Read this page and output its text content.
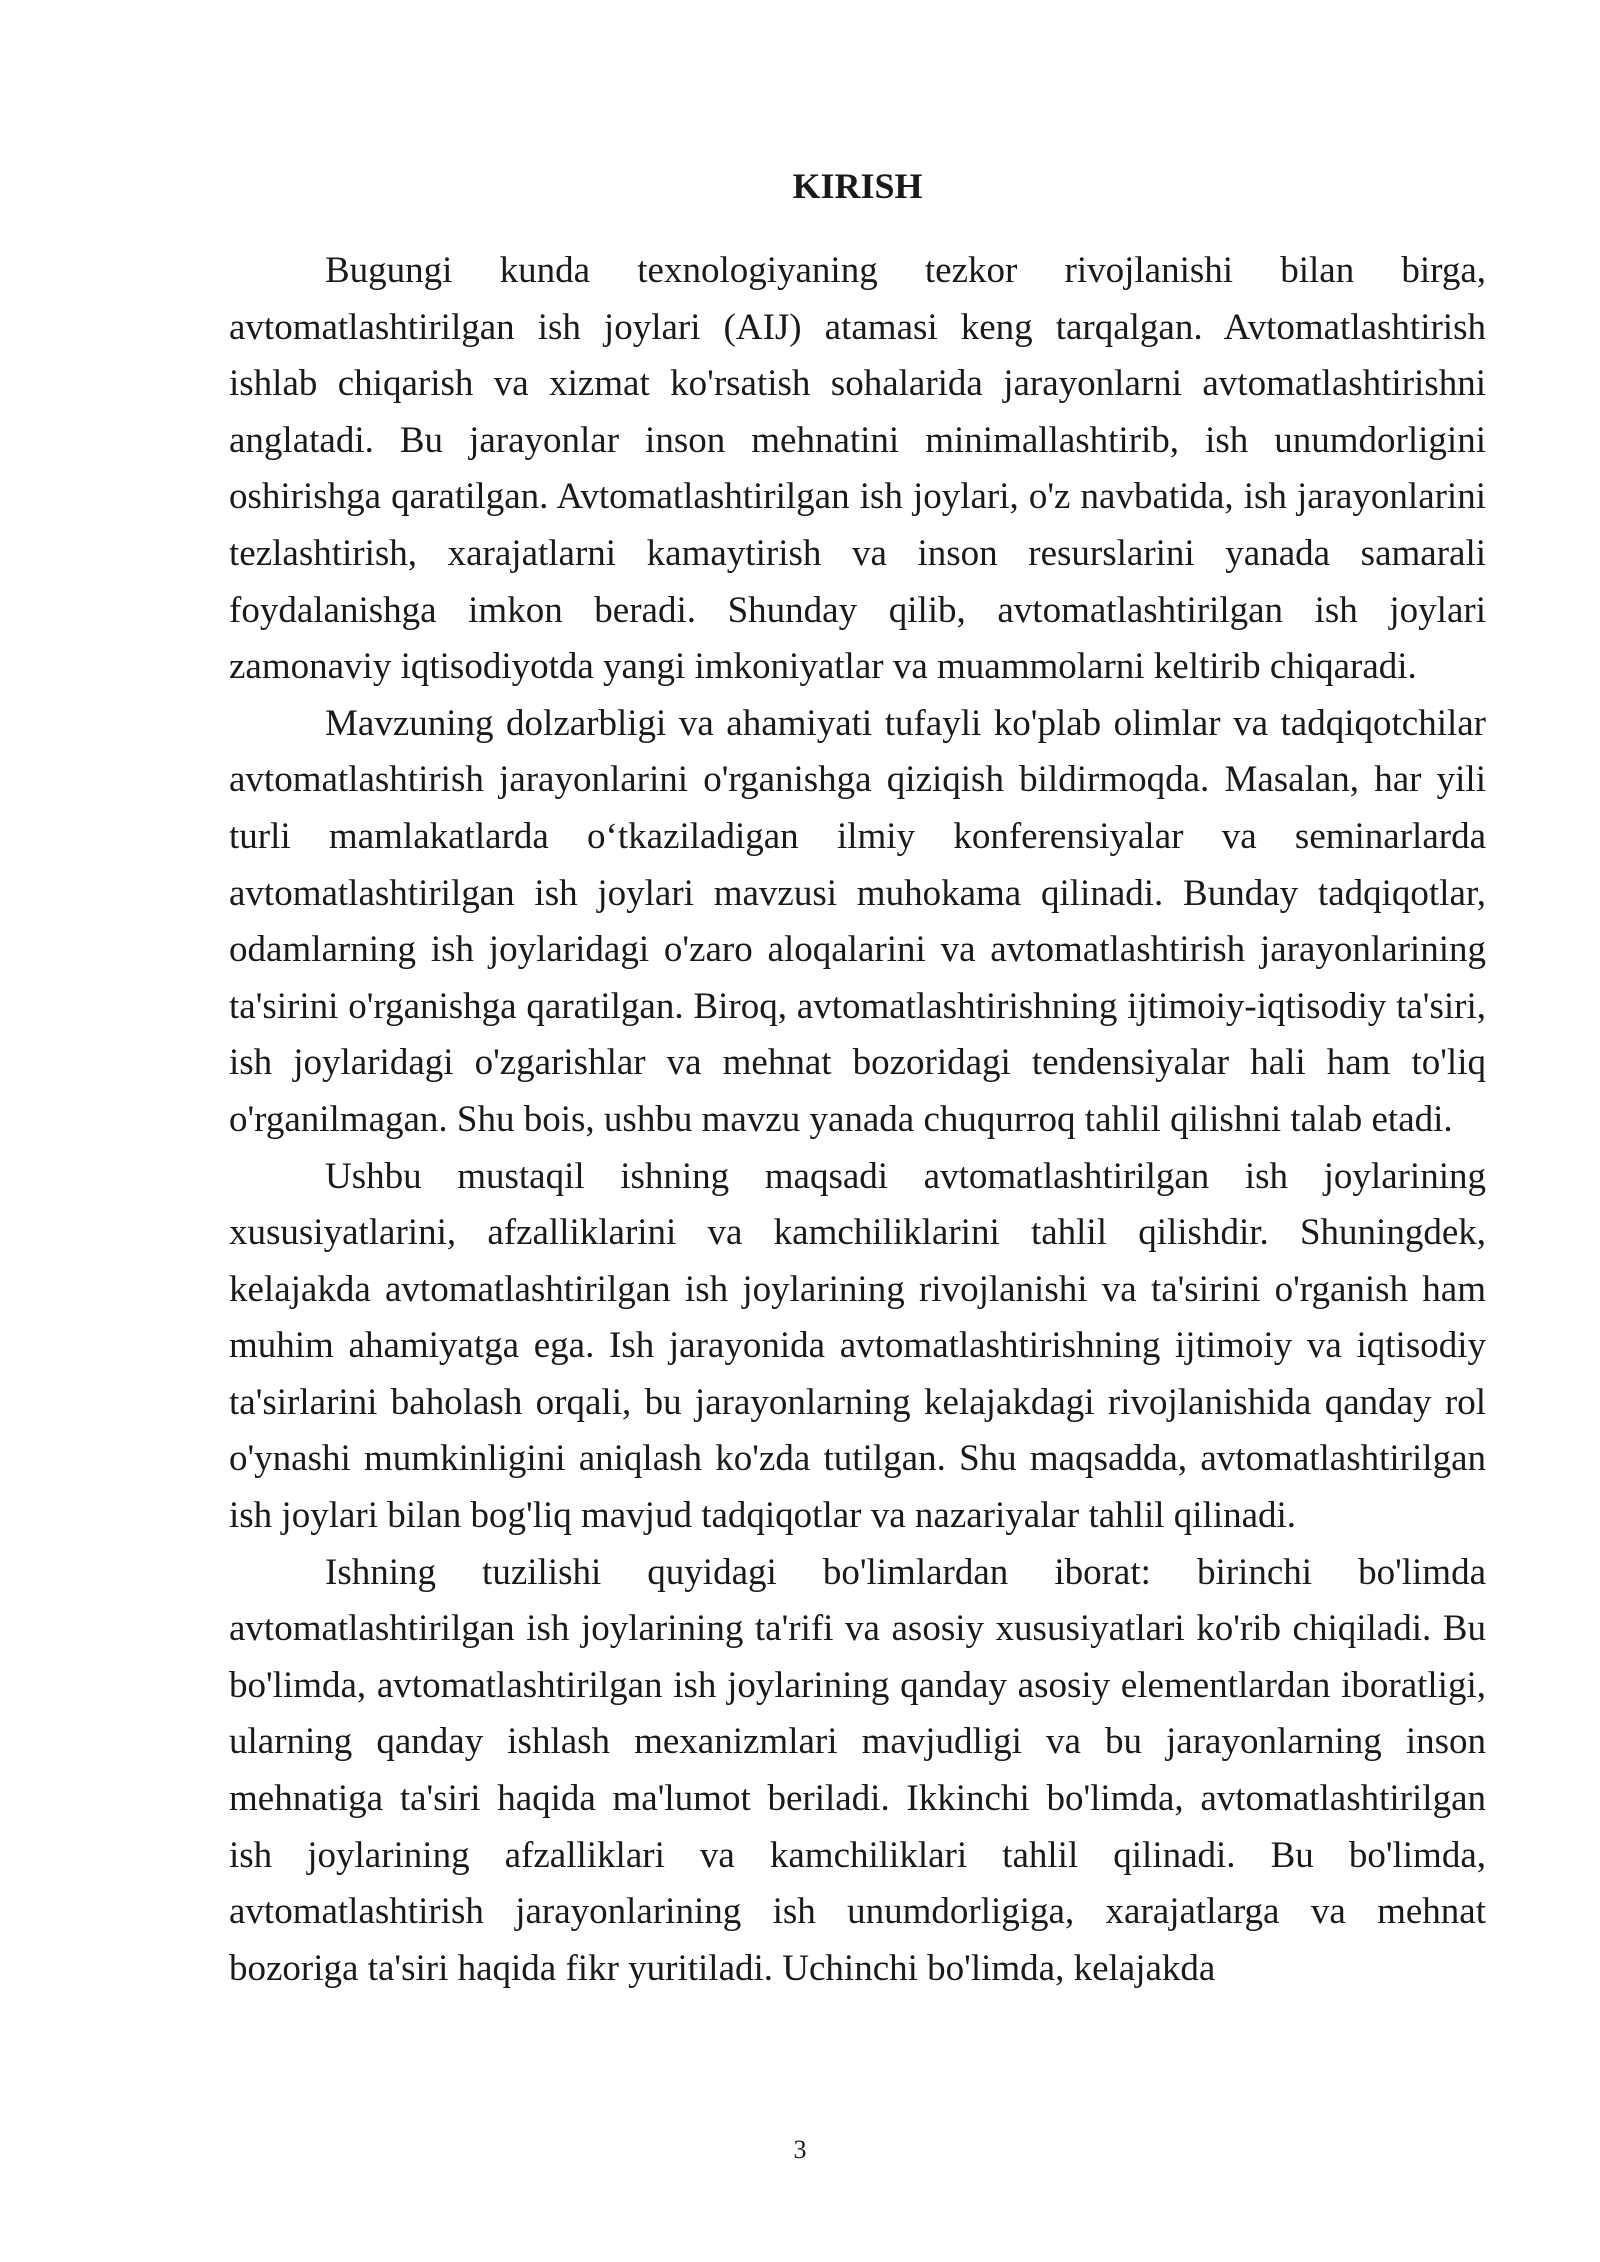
KIRISH

Bugungi kunda texnologiyaning tezkor rivojlanishi bilan birga, avtomatlashtirilgan ish joylari (AIJ) atamasi keng tarqalgan. Avtomatlashtirish ishlab chiqarish va xizmat ko'rsatish sohalarida jarayonlarni avtomatlashtirishni anglatadi. Bu jarayonlar inson mehnatini minimallashtirib, ish unumdorligini oshirishga qaratilgan. Avtomatlashtirilgan ish joylari, o'z navbatida, ish jarayonlarini tezlashtirish, xarajatlarni kamaytirish va inson resurslarini yanada samarali foydalanishga imkon beradi. Shunday qilib, avtomatlashtirilgan ish joylari zamonaviy iqtisodiyotda yangi imkoniyatlar va muammolarni keltirib chiqaradi.

Mavzuning dolzarbligi va ahamiyati tufayli ko'plab olimlar va tadqiqotchilar avtomatlashtirish jarayonlarini o'rganishga qiziqish bildirmoqda. Masalan, har yili turli mamlakatlarda o‘tkaziladigan ilmiy konferensiyalar va seminarlarda avtomatlashtirilgan ish joylari mavzusi muhokama qilinadi. Bunday tadqiqotlar, odamlarning ish joylaridagi o'zaro aloqalarini va avtomatlashtirish jarayonlarining ta'sirini o'rganishga qaratilgan. Biroq, avtomatlashtirishning ijtimoiy-iqtisodiy ta'siri, ish joylaridagi o'zgarishlar va mehnat bozoridagi tendensiyalar hali ham to'liq o'rganilmagan. Shu bois, ushbu mavzu yanada chuqurroq tahlil qilishni talab etadi.

Ushbu mustaqil ishning maqsadi avtomatlashtirilgan ish joylarining xususiyatlarini, afzalliklarini va kamchiliklarini tahlil qilishdir. Shuningdek, kelajakda avtomatlashtirilgan ish joylarining rivojlanishi va ta'sirini o'rganish ham muhim ahamiyatga ega. Ish jarayonida avtomatlashtirishning ijtimoiy va iqtisodiy ta'sirlarini baholash orqali, bu jarayonlarning kelajakdagi rivojlanishida qanday rol o'ynashi mumkinligini aniqlash ko'zda tutilgan. Shu maqsadda, avtomatlashtirilgan ish joylari bilan bog'liq mavjud tadqiqotlar va nazariyalar tahlil qilinadi.

Ishning tuzilishi quyidagi bo'limlardan iborat: birinchi bo'limda avtomatlashtirilgan ish joylarining ta'rifi va asosiy xususiyatlari ko'rib chiqiladi. Bu bo'limda, avtomatlashtirilgan ish joylarining qanday asosiy elementlardan iboratligi, ularning qanday ishlash mexanizmlari mavjudligi va bu jarayonlarning inson mehnatiga ta'siri haqida ma'lumot beriladi. Ikkinchi bo'limda, avtomatlashtirilgan ish joylarining afzalliklari va kamchiliklari tahlil qilinadi. Bu bo'limda, avtomatlashtirish jarayonlarining ish unumdorligiga, xarajatlarga va mehnat bozoriga ta'siri haqida fikr yuritiladi. Uchinchi bo'limda, kelajakda

3
